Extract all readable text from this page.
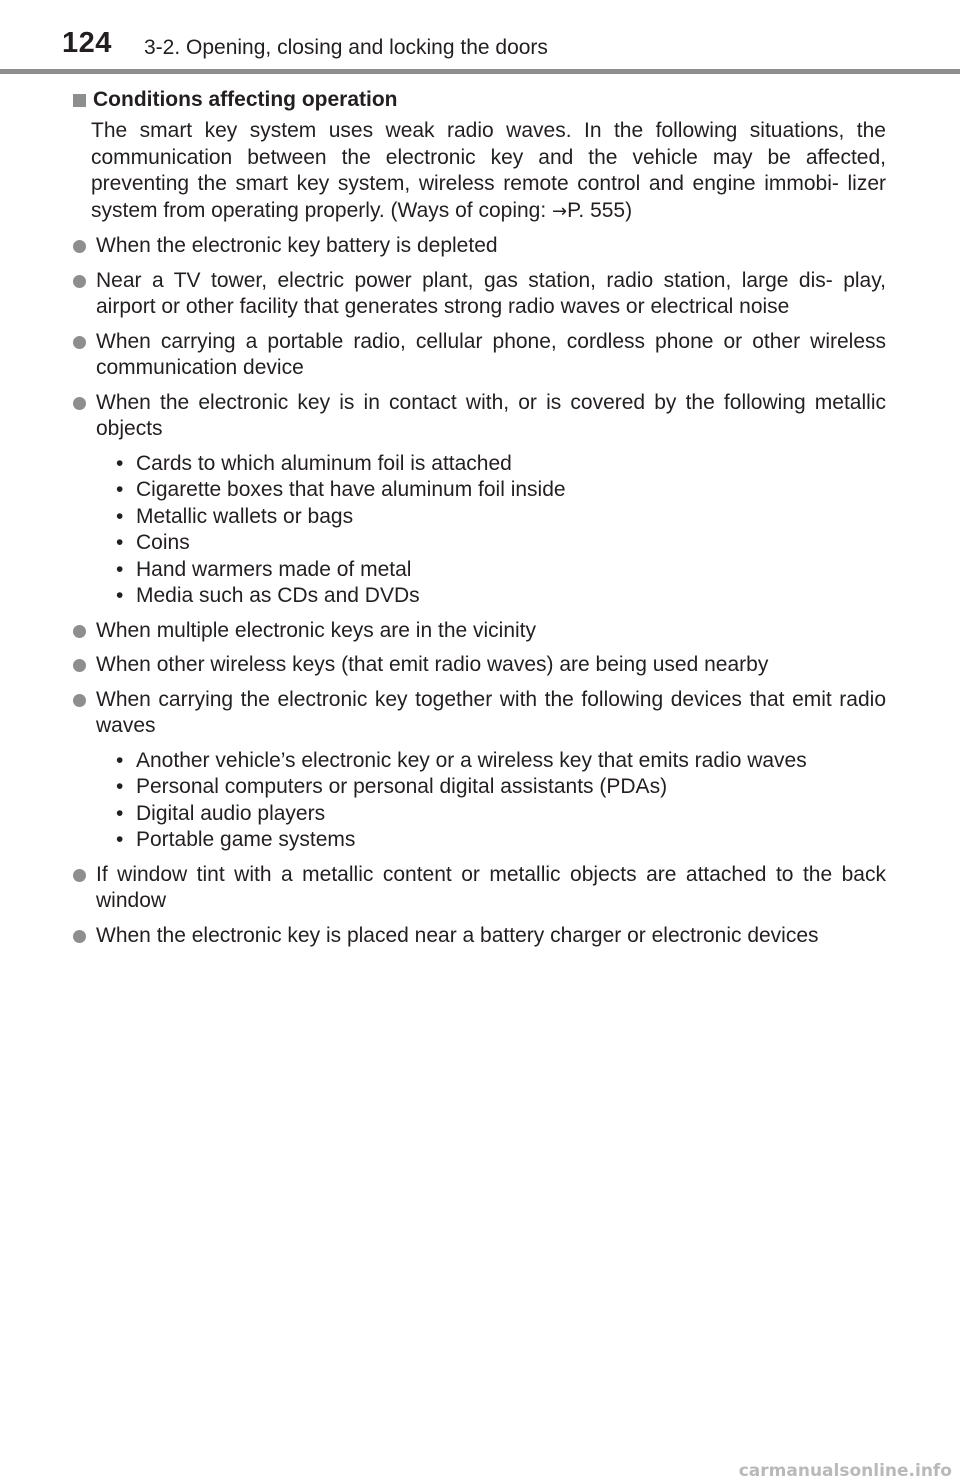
124 3-2. Opening, closing and locking the doors
Conditions affecting operation
The smart key system uses weak radio waves. In the following situations, the communication between the electronic key and the vehicle may be affected, preventing the smart key system, wireless remote control and engine immobi- lizer system from operating properly. (Ways of coping: →P. 555)
When the electronic key battery is depleted
Near a TV tower, electric power plant, gas station, radio station, large dis- play, airport or other facility that generates strong radio waves or electrical noise
When carrying a portable radio, cellular phone, cordless phone or other wireless communication device
When the electronic key is in contact with, or is covered by the following metallic objects
• Cards to which aluminum foil is attached
• Cigarette boxes that have aluminum foil inside
• Metallic wallets or bags
• Coins
• Hand warmers made of metal
• Media such as CDs and DVDs
When multiple electronic keys are in the vicinity
When other wireless keys (that emit radio waves) are being used nearby
When carrying the electronic key together with the following devices that emit radio waves
• Another vehicle’s electronic key or a wireless key that emits radio waves
• Personal computers or personal digital assistants (PDAs)
• Digital audio players
• Portable game systems
If window tint with a metallic content or metallic objects are attached to the back window
When the electronic key is placed near a battery charger or electronic devices
carmanualsonline.info
